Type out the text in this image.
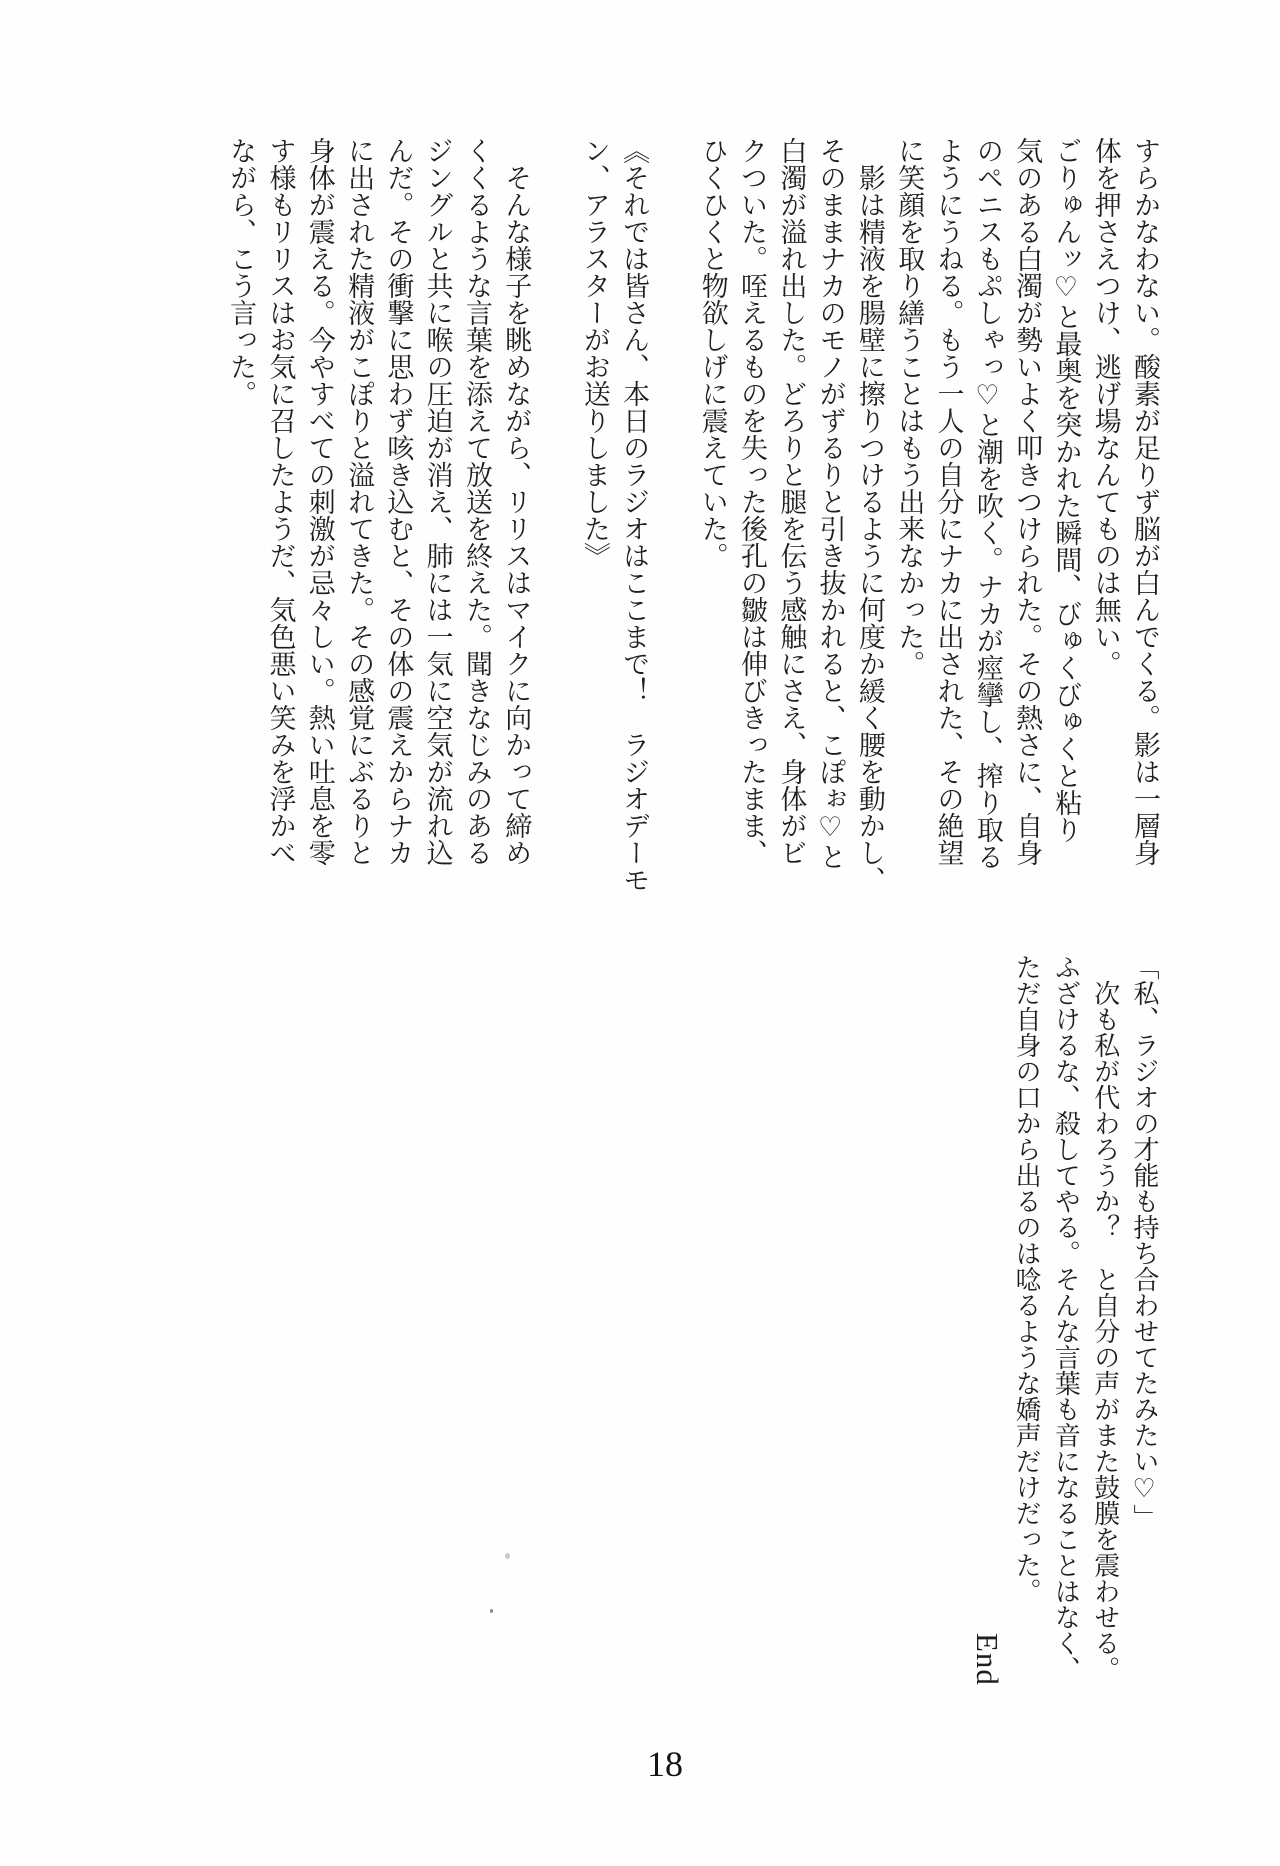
すらかなわない。酸素が足りず脳が白んでくる。影は一層身

体を押さえつけ、逃げ場なんてものは無い。

ごりゅんッ♡と最奥を突かれた瞬間、びゅくびゅくと粘り

気のある白濁が勢いよく叩きつけられた。その熱さに、自身

のペニスもぷしゃっ♡と潮を吹く。ナカが痙攣し、搾り取る

ようにうねる。もう一人の自分にナカに出された、その絶望

に笑顔を取り繕うことはもう出来なかった。

　影は精液を腸壁に擦りつけるように何度か緩く腰を動かし、

そのままナカのモノがずるりと引き抜かれると、こぽぉ♡と

白濁が溢れ出した。どろりと腿を伝う感触にさえ、身体がビ

クついた。咥えるものを失った後孔の皺は伸びきったまま、

ひくひくと物欲しげに震えていた。

《それでは皆さん、本日のラジオはここまで！　ラジオデーモ

ン、アラスターがお送りしました》

　そんな様子を眺めながら、リリスはマイクに向かって締め

くくるような言葉を添えて放送を終えた。聞きなじみのある

ジングルと共に喉の圧迫が消え、肺には一気に空気が流れ込

んだ。その衝撃に思わず咳き込むと、その体の震えからナカ

に出された精液がこぽりと溢れてきた。その感覚にぶるりと

身体が震える。今やすべての刺激が忌々しい。熱い吐息を零

す様もリリスはお気に召したようだ、気色悪い笑みを浮かべ

ながら、こう言った。

「私、ラジオの才能も持ち合わせてたみたい♡」

　次も私が代わろうか？　と自分の声がまた鼓膜を震わせる。

ふざけるな、殺してやる。そんな言葉も音になることはなく、

ただ自身の口から出るのは唸るような嬌声だけだった。

End

18
